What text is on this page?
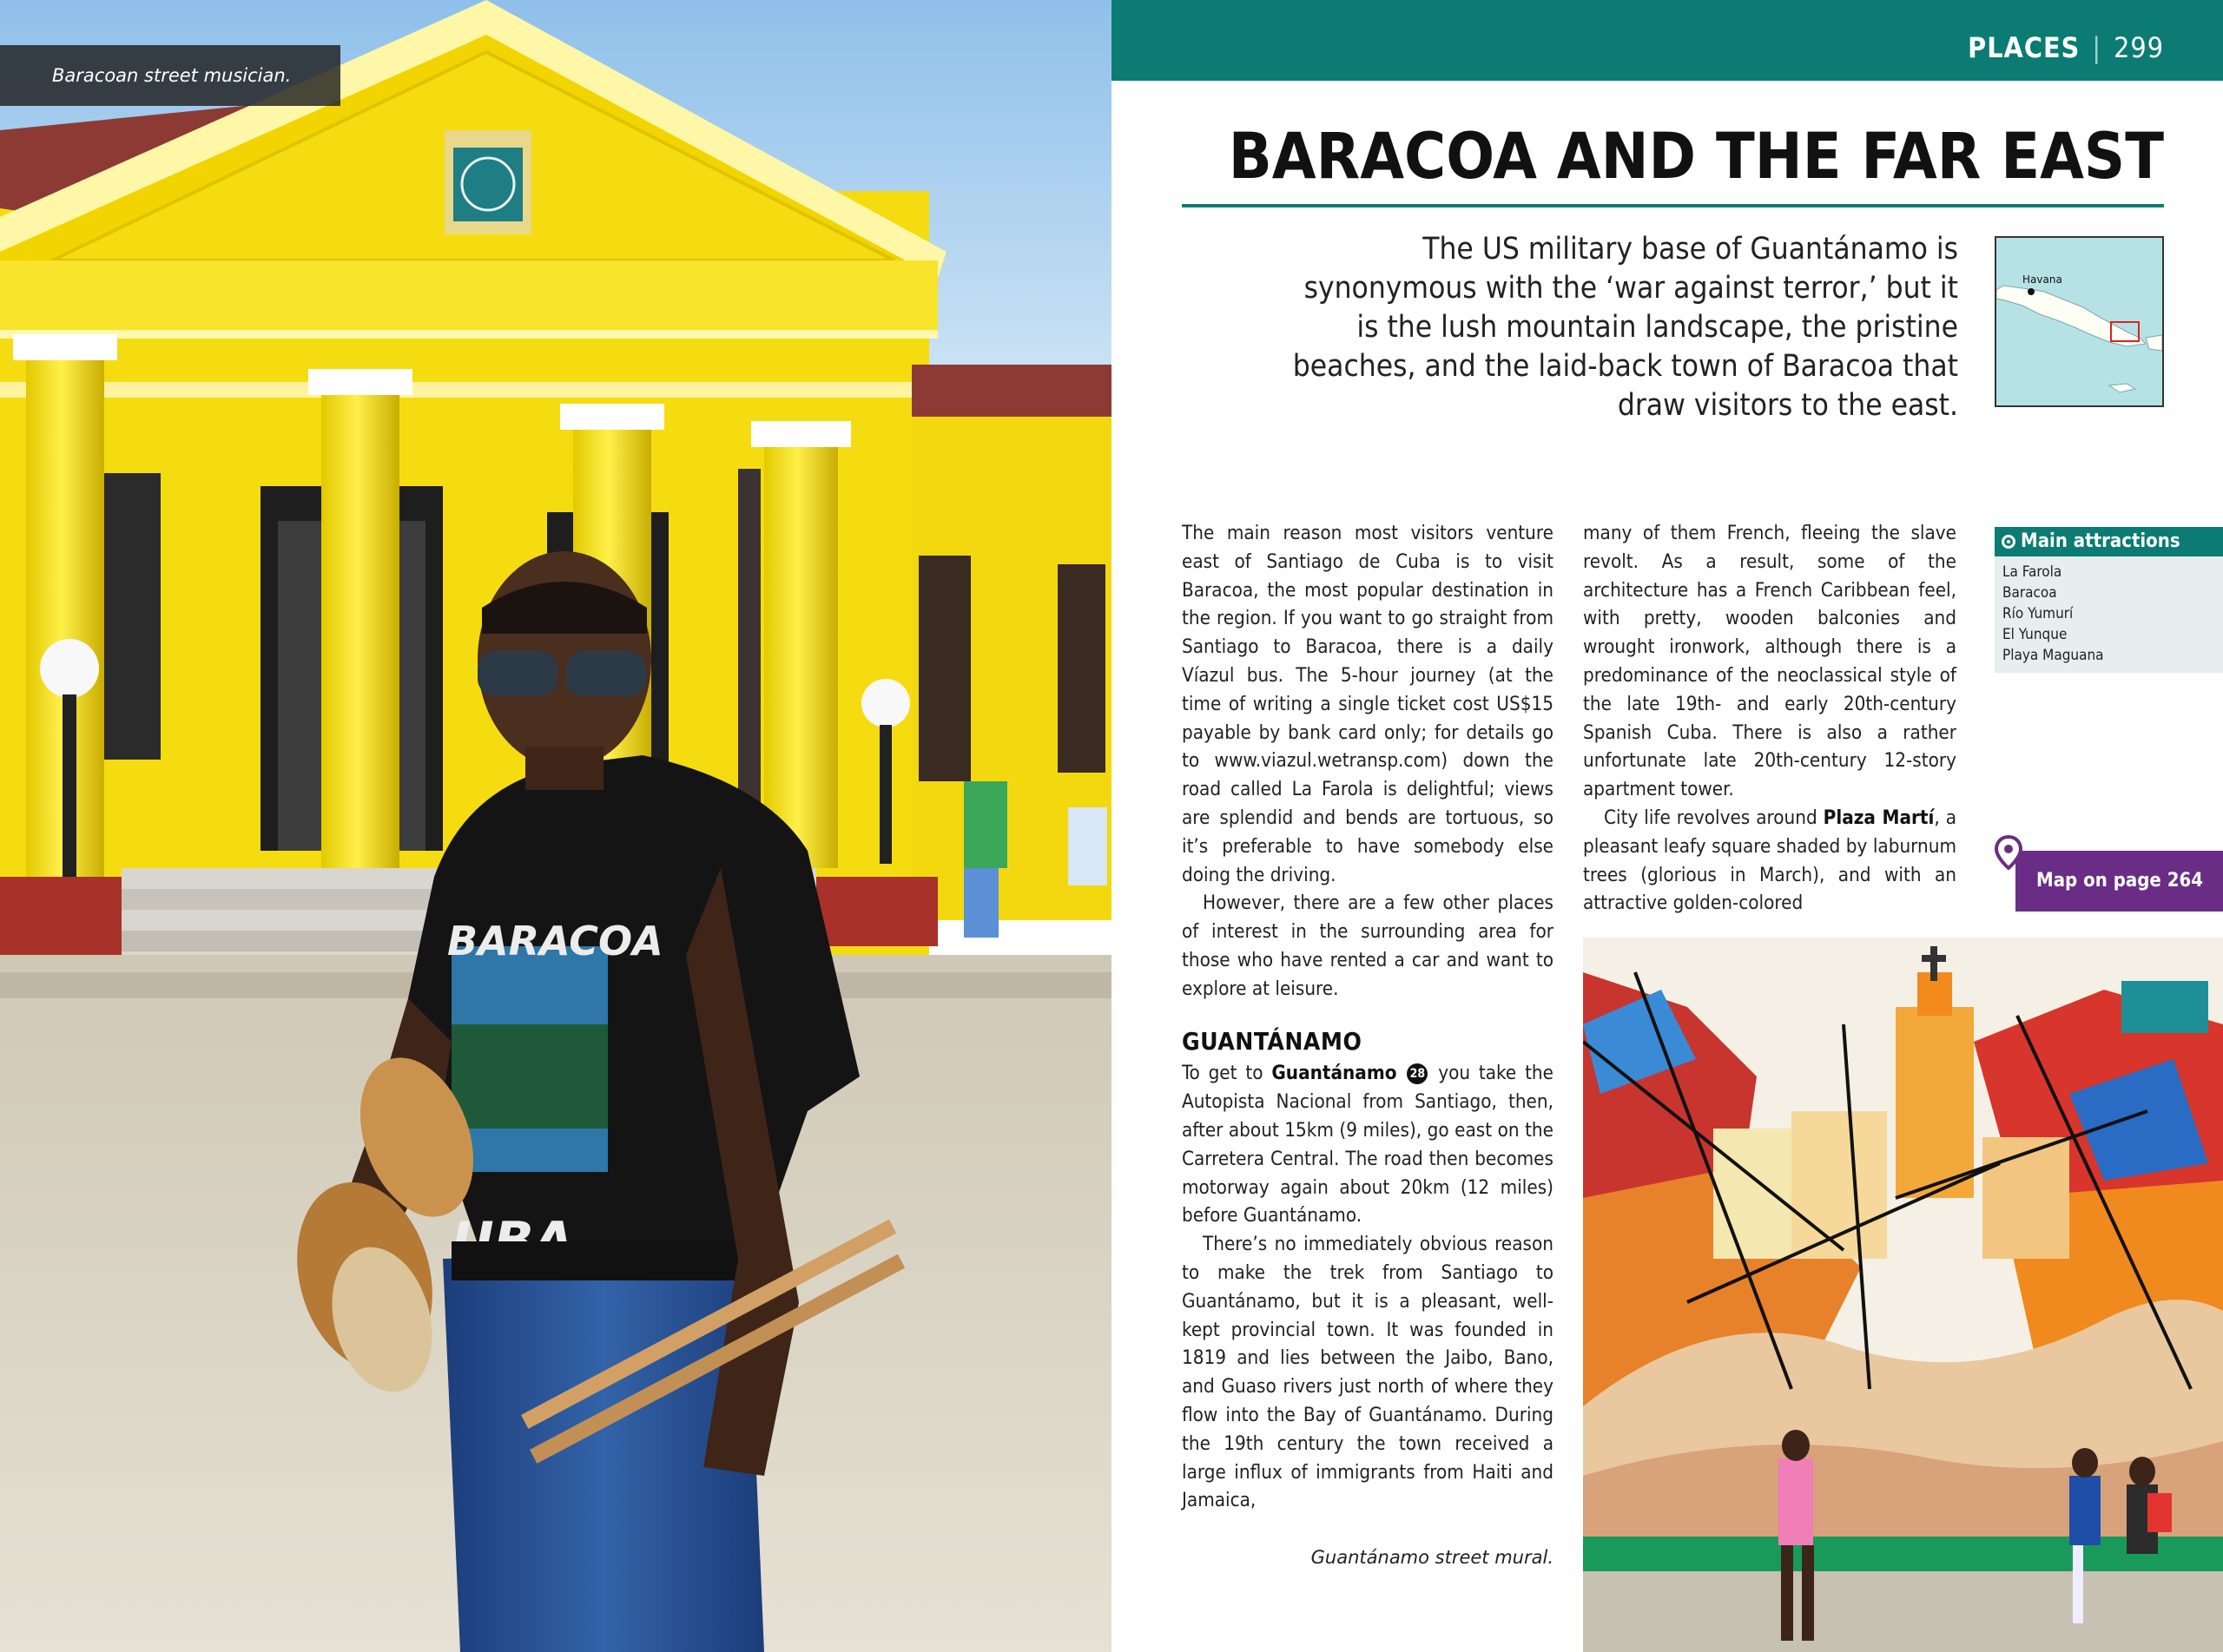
BARACOA
Baracoan street musician.
PLACES | 299
BARACOA AND THE FAR EAST

The US military base of Guantánamo is synonymous with the ‘war against terror,’ but it is the lush mountain landscape, the pristine beaches, and the laid-back town of Baracoa that draw visitors to the east.

Havana

The main reason most visitors venture east of Santiago de Cuba is to visit Baracoa, the most popular destination in the region. If you want to go straight from Santiago to Baracoa, there is a daily Víazul bus. The 5-hour journey (at the time of writing a single ticket cost US$15 payable by bank card only; for details go to www.viazul.wetransp.com) down the road called La Farola is delightful; views are splendid and bends are tortuous, so it’s preferable to have somebody else doing the driving.

However, there are a few other places of interest in the surrounding area for those who have rented a car and want to explore at leisure.

GUANTÁNAMO

To get to Guantánamo 28 you take the Autopista Nacional from Santiago, then, after about 15km (9 miles), go east on the Carretera Central. The road then becomes motorway again about 20km (12 miles) before Guantánamo.

There’s no immediately obvious reason to make the trek from Santiago to Guantánamo, but it is a pleasant, well-kept provincial town. It was founded in 1819 and lies between the Jaibo, Bano, and Guaso rivers just north of where they flow into the Bay of Guantánamo. During the 19th century the town received a large influx of immigrants from Haiti and Jamaica,

Guantánamo street mural.

many of them French, fleeing the slave revolt. As a result, some of the architecture has a French Caribbean feel, with pretty, wooden balconies and wrought ironwork, although there is a predominance of the neoclassical style of the late 19th- and early 20th-century Spanish Cuba. There is also a rather unfortunate late 20th-century 12-story apartment tower.

City life revolves around Plaza Martí, a pleasant leafy square shaded by laburnum trees (glorious in March), and with an attractive golden-colored

Main attractions
La Farola
Baracoa
Río Yumurí
El Yunque
Playa Maguana
Map on page 264
